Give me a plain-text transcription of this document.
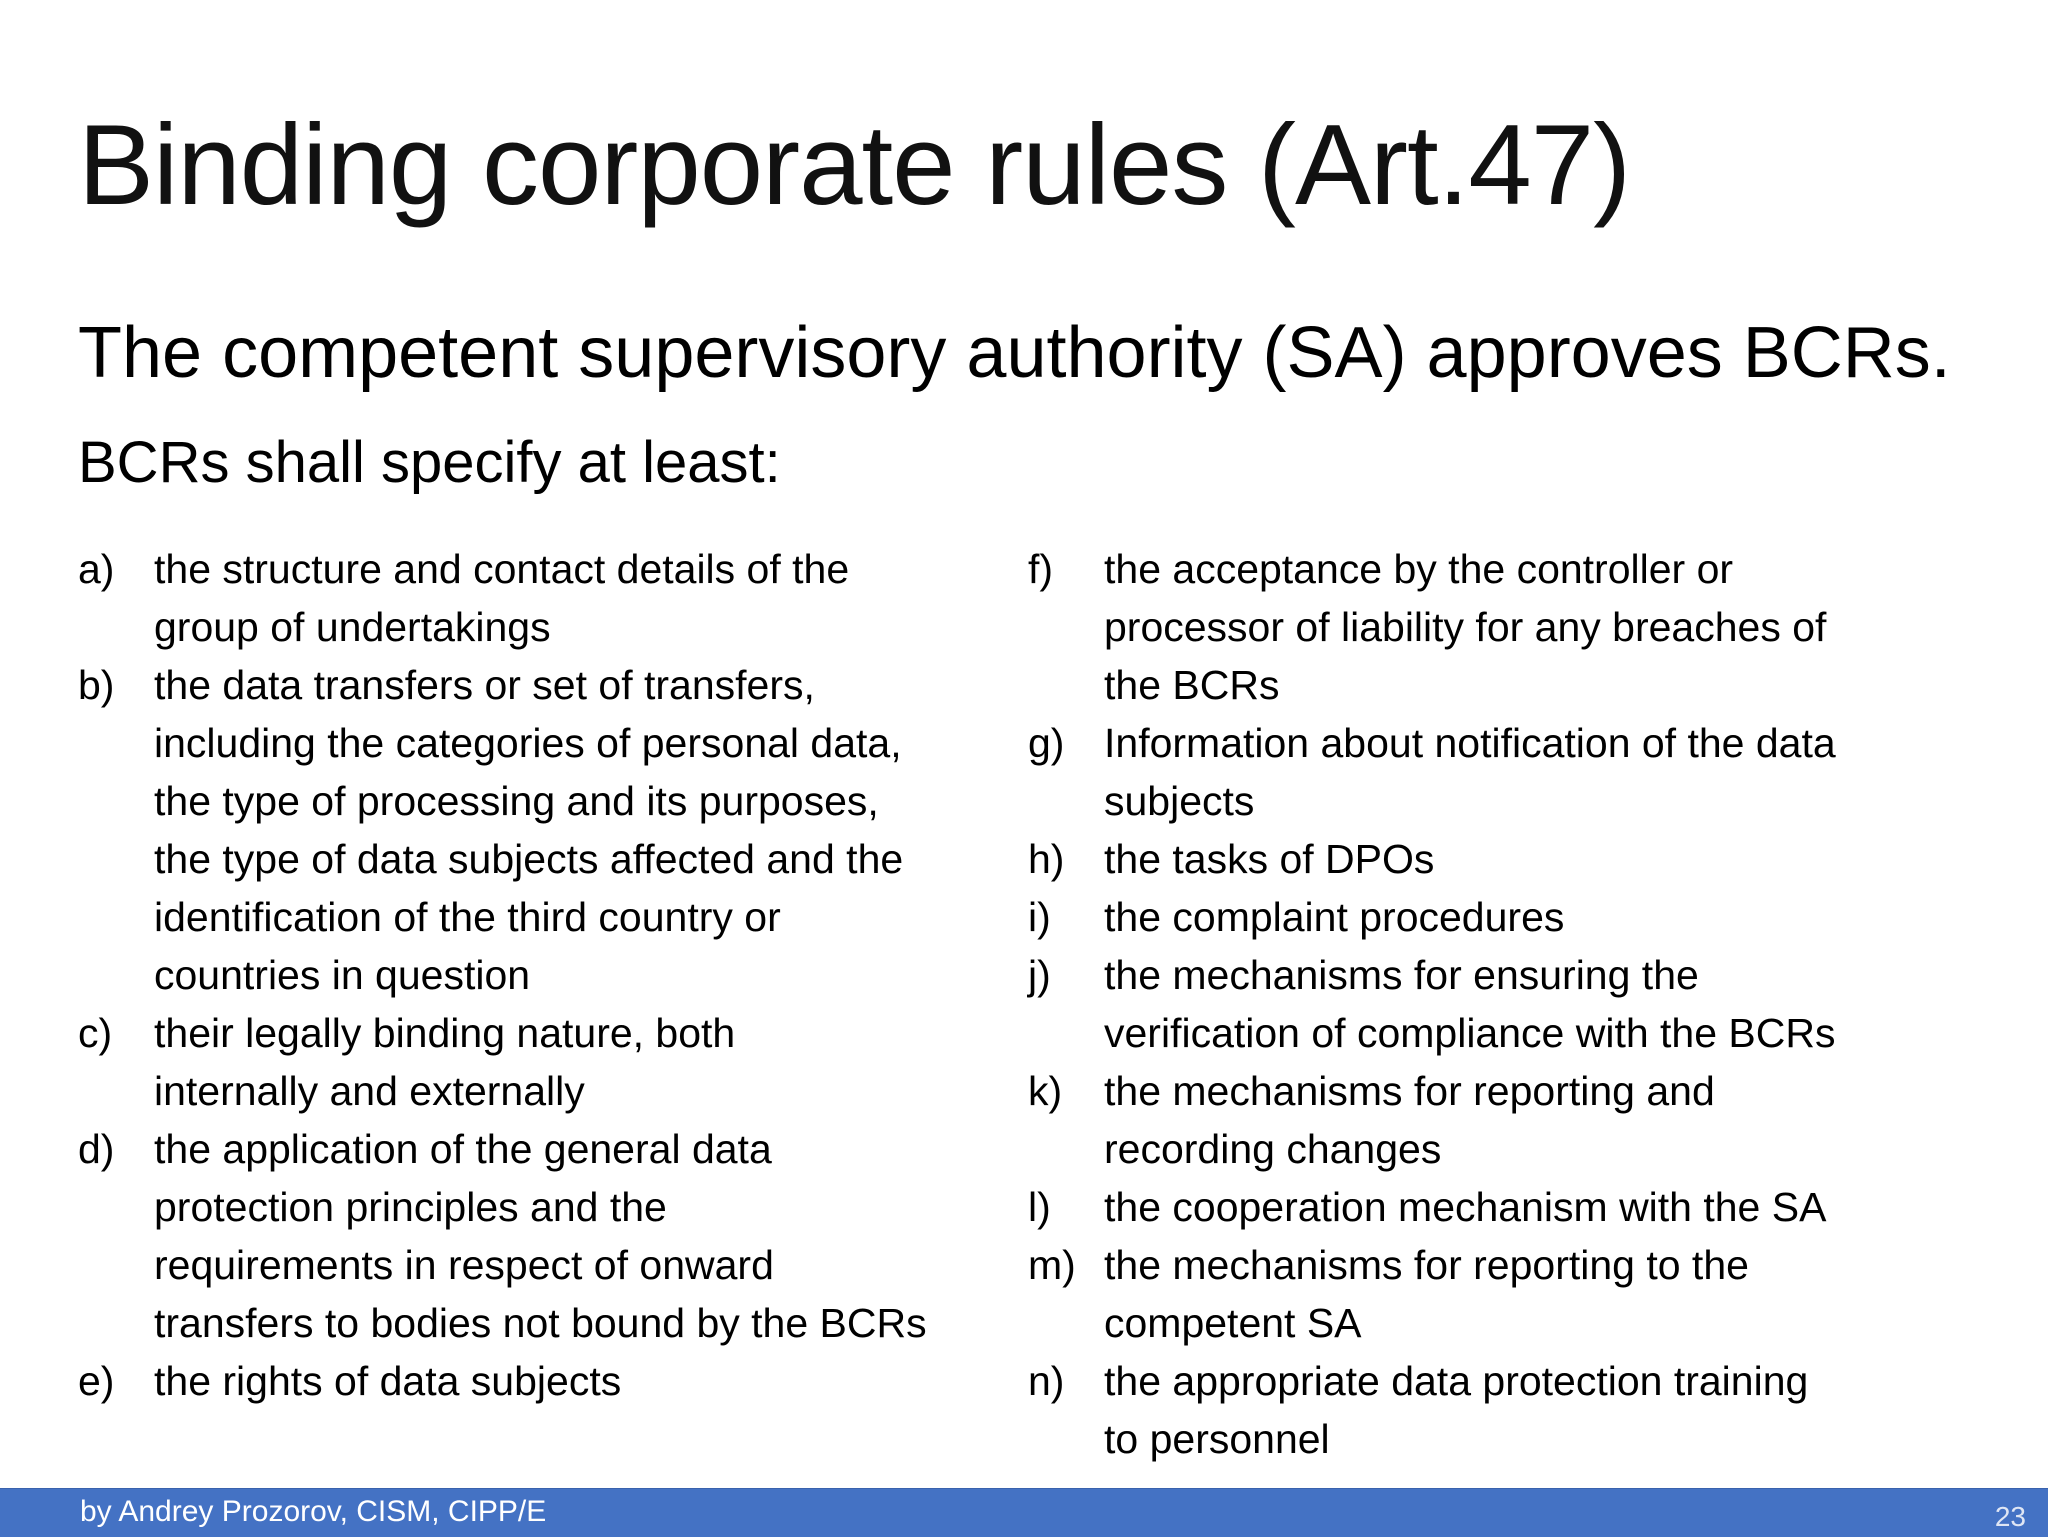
Binding corporate rules (Art.47)
The competent supervisory authority (SA) approves BCRs.
BCRs shall specify at least:
a) the structure and contact details of the
group of undertakings
b) the data transfers or set of transfers,
including the categories of personal data,
the type of processing and its purposes,
the type of data subjects affected and the
identification of the third country or
countries in question
c)	their legally binding nature, both
internally and externally
d) the application of the general data
protection principles and the
requirements in respect of onward
transfers to bodies not bound by the BCRs
e) the rights of data subjects
f)	the acceptance by the controller or
processor of liability for any breaches of
the BCRs
g) Information about notification of the data
subjects
h) the tasks of DPOs
i)	the complaint procedures
j)	the mechanisms for ensuring the
verification of compliance with the BCRs
k)	the mechanisms for reporting and
recording changes
l)	the cooperation mechanism with the SA
m) the mechanisms for reporting to the
competent SA
n) the appropriate data protection training
to personnel
by Andrey Prozorov, CISM, CIPP/E	23
